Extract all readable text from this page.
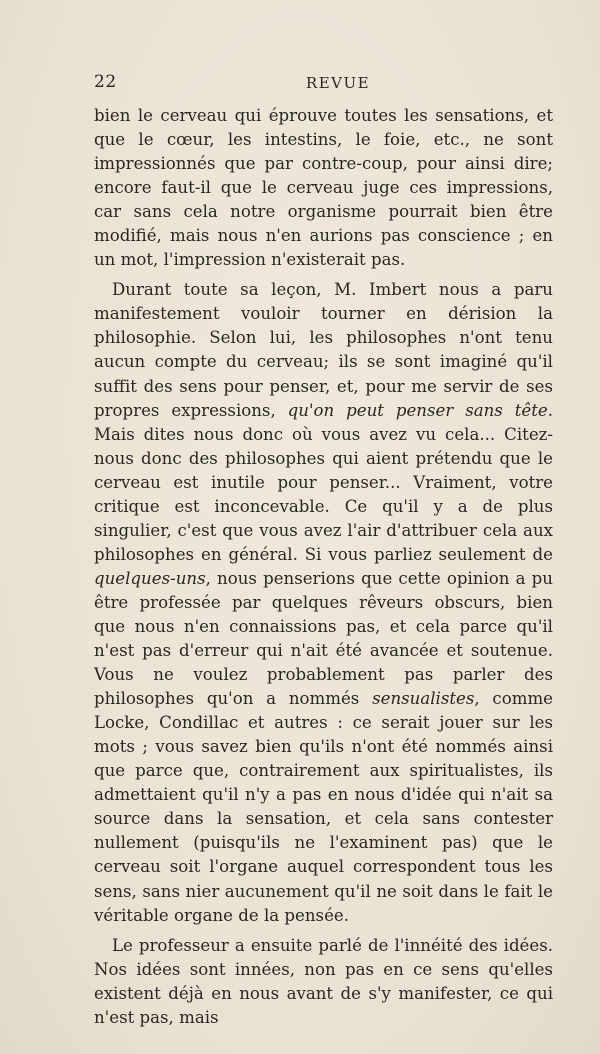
22	REVUE

bien le cerveau qui éprouve toutes les sensations, et que le cœur, les intestins, le foie, etc., ne sont impressionnés que par contre-coup, pour ainsi dire; encore faut-il que le cerveau juge ces impressions, car sans cela notre organisme pourrait bien être modifié, mais nous n'en aurions pas conscience ; en un mot, l'impression n'existerait pas.

Durant toute sa leçon, M. Imbert nous a paru manifestement vouloir tourner en dérision la philosophie. Selon lui, les philosophes n'ont tenu aucun compte du cerveau; ils se sont imaginé qu'il suffit des sens pour penser, et, pour me servir de ses propres expressions, qu'on peut penser sans tête. Mais dites nous donc où vous avez vu cela... Citez-nous donc des philosophes qui aient prétendu que le cerveau est inutile pour penser... Vraiment, votre critique est inconcevable. Ce qu'il y a de plus singulier, c'est que vous avez l'air d'attribuer cela aux philosophes en général. Si vous parliez seulement de quelques-uns, nous penserions que cette opinion a pu être professée par quelques rêveurs obscurs, bien que nous n'en connaissions pas, et cela parce qu'il n'est pas d'erreur qui n'ait été avancée et soutenue. Vous ne voulez probablement pas parler des philosophes qu'on a nommés sensualistes, comme Locke, Condillac et autres : ce serait jouer sur les mots ; vous savez bien qu'ils n'ont été nommés ainsi que parce que, contrairement aux spiritualistes, ils admettaient qu'il n'y a pas en nous d'idée qui n'ait sa source dans la sensation, et cela sans contester nullement (puisqu'ils ne l'examinent pas) que le cerveau soit l'organe auquel correspondent tous les sens, sans nier aucunement qu'il ne soit dans le fait le véritable organe de la pensée.

Le professeur a ensuite parlé de l'innéité des idées. Nos idées sont innées, non pas en ce sens qu'elles existent déjà en nous avant de s'y manifester, ce qui n'est pas, mais
